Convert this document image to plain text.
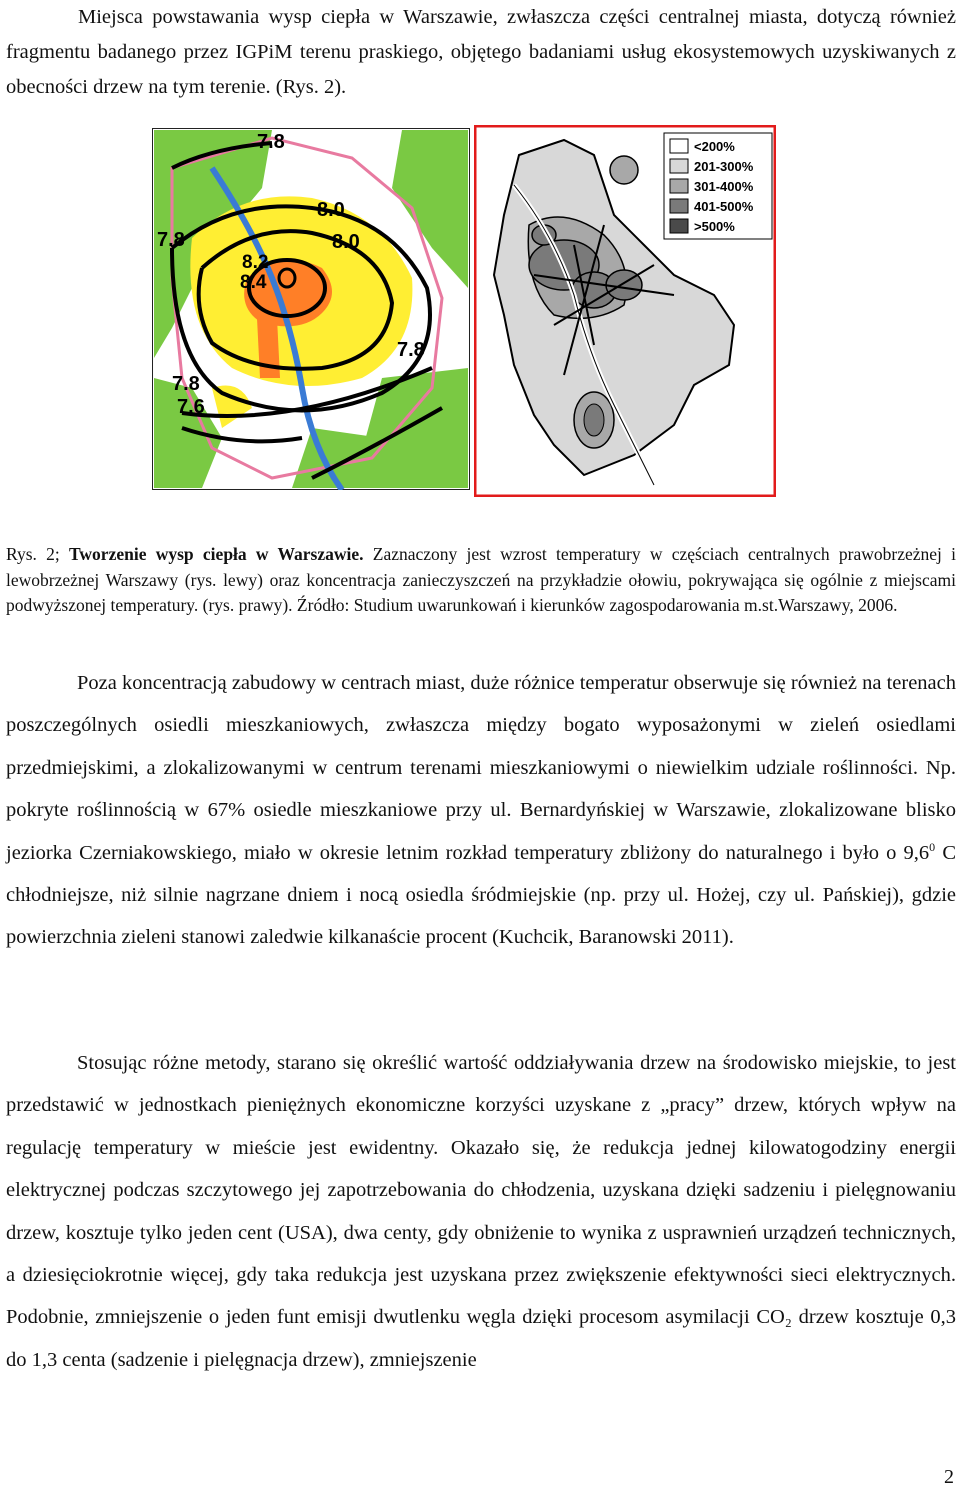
Miejsca powstawania wysp ciepła w Warszawie, zwłaszcza części centralnej miasta, dotyczą również fragmentu badanego przez IGPiM terenu praskiego, objętego badaniami usług ekosystemowych uzyskiwanych z obecności drzew na tym terenie. (Rys. 2).

7.8
8.0
7.8	8.0
8.2
8.4
7.8
7.8
7.6
<200%
201-300%
301-400%
401-500%
>500%

Rys. 2; Tworzenie wysp ciepła w Warszawie. Zaznaczony jest wzrost temperatury w częściach centralnych prawobrzeżnej i lewobrzeżnej Warszawy (rys. lewy) oraz koncentracja zanieczyszczeń na przykładzie ołowiu, pokrywająca się ogólnie z miejscami podwyższonej temperatury. (rys. prawy). Źródło: Studium uwarunkowań i kierunków zagospodarowania m.st.Warszawy, 2006.

Poza koncentracją zabudowy w centrach miast, duże różnice temperatur obserwuje się również na terenach poszczególnych osiedli mieszkaniowych, zwłaszcza między bogato wyposażonymi w zieleń osiedlami przedmiejskimi, a zlokalizowanymi w centrum terenami mieszkaniowymi o niewielkim udziale roślinności. Np. pokryte roślinnością w 67% osiedle mieszkaniowe przy ul. Bernardyńskiej w Warszawie, zlokalizowane blisko jeziorka Czerniakowskiego, miało w okresie letnim rozkład temperatury zbliżony do naturalnego i było o $9,6^0$ C chłodniejsze, niż silnie nagrzane dniem i nocą osiedla śródmiejskie (np. przy ul. Hożej, czy ul. Pańskiej), gdzie powierzchnia zieleni stanowi zaledwie kilkanaście procent (Kuchcik, Baranowski 2011).

Stosując różne metody, starano się określić wartość oddziaływania drzew na środowisko miejskie, to jest przedstawić w jednostkach pieniężnych ekonomiczne korzyści uzyskane z „pracy” drzew, których wpływ na regulację temperatury w mieście jest ewidentny. Okazało się, że redukcja jednej kilowatogodziny energii elektrycznej podczas szczytowego jej zapotrzebowania do chłodzenia, uzyskana dzięki sadzeniu i pielęgnowaniu drzew, kosztuje tylko jeden cent (USA), dwa centy, gdy obniżenie to wynika z usprawnień urządzeń technicznych, a dziesięciokrotnie więcej, gdy taka redukcja jest uzyskana przez zwiększenie efektywności sieci elektrycznych. Podobnie, zmniejszenie o jeden funt emisji dwutlenku węgla dzięki procesom asymilacji CO₂ drzew kosztuje 0,3 do 1,3 centa (sadzenie i pielęgnacja drzew), zmniejszenie

2
